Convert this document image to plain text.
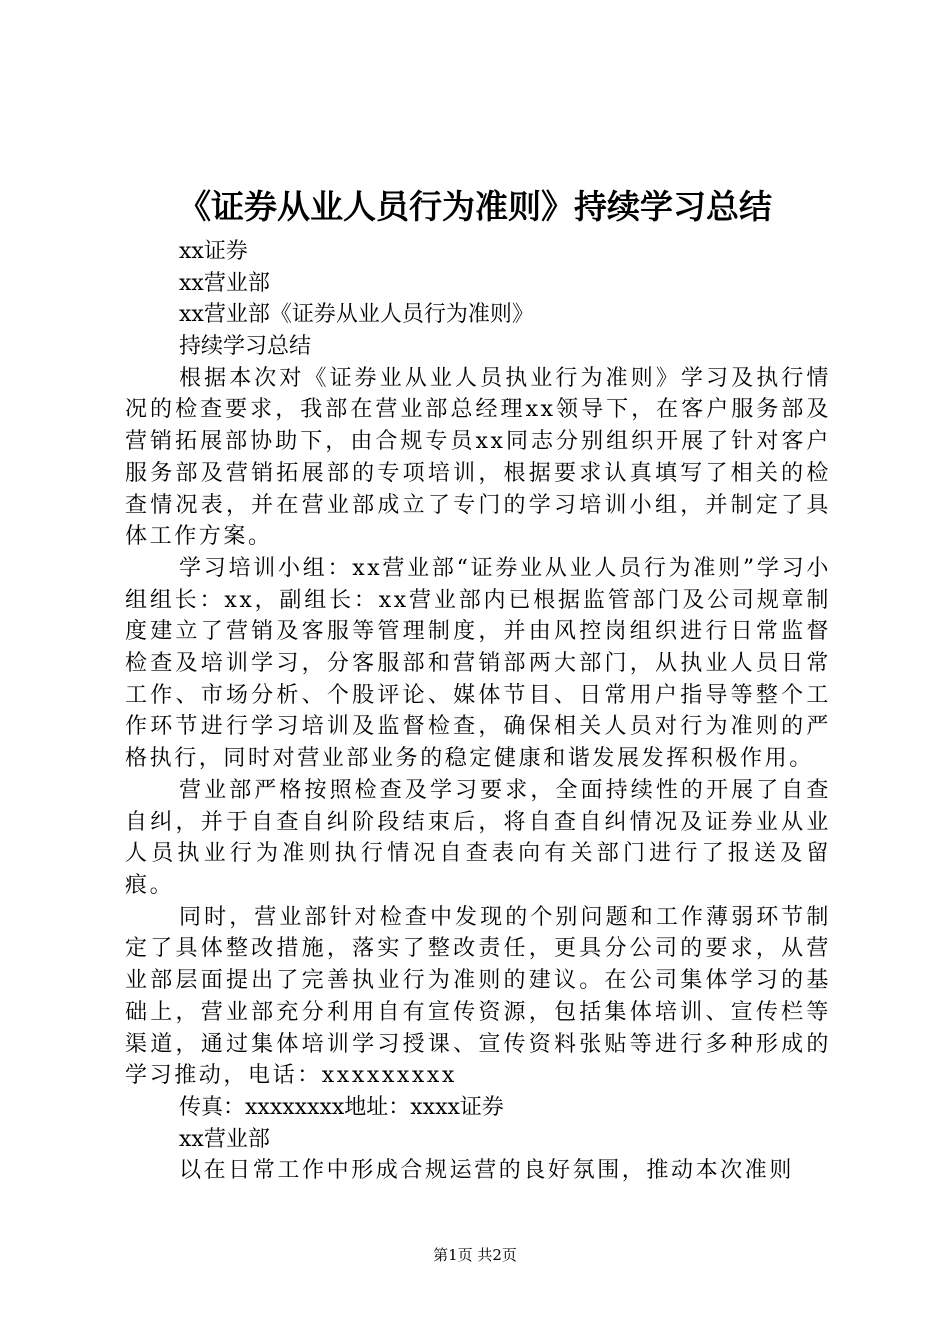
《证券从业人员行为准则》持续学习总结

xx证券

xx营业部

xx营业部《证券从业人员行为准则》

持续学习总结

根据本次对《证券业从业人员执业行为准则》学习及执行情况的检查要求，我部在营业部总经理xx领导下，在客户服务部及营销拓展部协助下，由合规专员xx同志分别组织开展了针对客户服务部及营销拓展部的专项培训，根据要求认真填写了相关的检查情况表，并在营业部成立了专门的学习培训小组，并制定了具体工作方案。

学习培训小组：xx营业部“证券业从业人员行为准则”学习小组组长：xx，副组长：xx营业部内已根据监管部门及公司规章制度建立了营销及客服等管理制度，并由风控岗组织进行日常监督检查及培训学习，分客服部和营销部两大部门，从执业人员日常工作、市场分析、个股评论、媒体节目、日常用户指导等整个工作环节进行学习培训及监督检查，确保相关人员对行为准则的严格执行，同时对营业部业务的稳定健康和谐发展发挥积极作用。

营业部严格按照检查及学习要求，全面持续性的开展了自查自纠，并于自查自纠阶段结束后，将自查自纠情况及证券业从业人员执业行为准则执行情况自查表向有关部门进行了报送及留痕。

同时，营业部针对检查中发现的个别问题和工作薄弱环节制定了具体整改措施，落实了整改责任，更具分公司的要求，从营业部层面提出了完善执业行为准则的建议。在公司集体学习的基础上，营业部充分利用自有宣传资源，包括集体培训、宣传栏等渠道，通过集体培训学习授课、宣传资料张贴等进行多种形成的学习推动，电话：xxxxxxxxx

传真：xxxxxxxx地址：xxxx证券

xx营业部

以在日常工作中形成合规运营的良好氛围，推动本次准则

第1页 共2页
